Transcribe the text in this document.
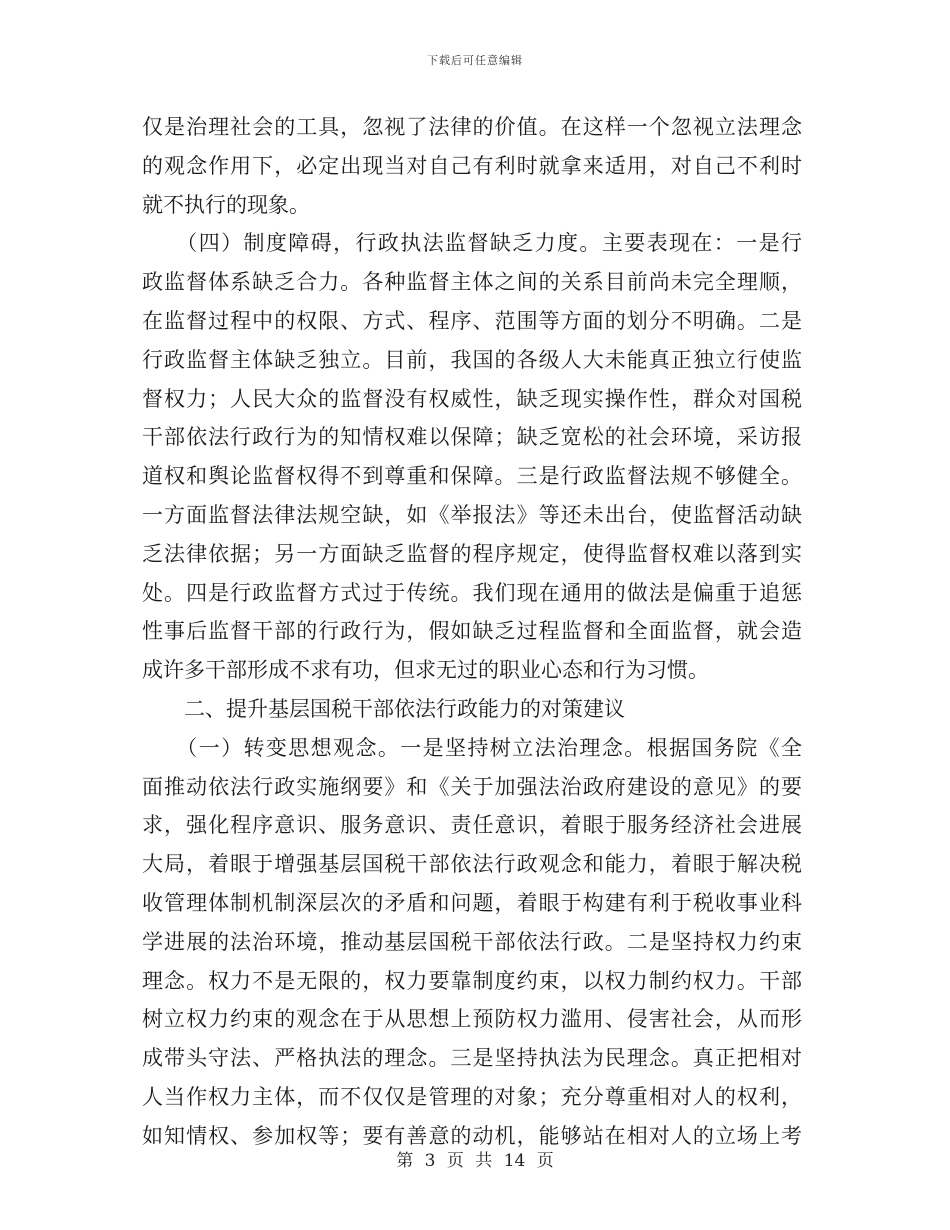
下载后可任意编辑
仅是治理社会的工具，忽视了法律的价值。在这样一个忽视立法理念
的观念作用下，必定出现当对自己有利时就拿来适用，对自己不利时
就不执行的现象。
　　（四）制度障碍，行政执法监督缺乏力度。主要表现在：一是行
政监督体系缺乏合力。各种监督主体之间的关系目前尚未完全理顺，
在监督过程中的权限、方式、程序、范围等方面的划分不明确。二是
行政监督主体缺乏独立。目前，我国的各级人大未能真正独立行使监
督权力；人民大众的监督没有权威性，缺乏现实操作性，群众对国税
干部依法行政行为的知情权难以保障；缺乏宽松的社会环境，采访报
道权和舆论监督权得不到尊重和保障。三是行政监督法规不够健全。
一方面监督法律法规空缺，如《举报法》等还未出台，使监督活动缺
乏法律依据；另一方面缺乏监督的程序规定，使得监督权难以落到实
处。四是行政监督方式过于传统。我们现在通用的做法是偏重于追惩
性事后监督干部的行政行为，假如缺乏过程监督和全面监督，就会造
成许多干部形成不求有功，但求无过的职业心态和行为习惯。
　　二、提升基层国税干部依法行政能力的对策建议
　　（一）转变思想观念。一是坚持树立法治理念。根据国务院《全
面推动依法行政实施纲要》和《关于加强法治政府建设的意见》的要
求，强化程序意识、服务意识、责任意识，着眼于服务经济社会进展
大局，着眼于增强基层国税干部依法行政观念和能力，着眼于解决税
收管理体制机制深层次的矛盾和问题，着眼于构建有利于税收事业科
学进展的法治环境，推动基层国税干部依法行政。二是坚持权力约束
理念。权力不是无限的，权力要靠制度约束，以权力制约权力。干部
树立权力约束的观念在于从思想上预防权力滥用、侵害社会，从而形
成带头守法、严格执法的理念。三是坚持执法为民理念。真正把相对
人当作权力主体，而不仅仅是管理的对象；充分尊重相对人的权利，
如知情权、参加权等；要有善意的动机，能够站在相对人的立场上考
第 3 页 共 14 页
